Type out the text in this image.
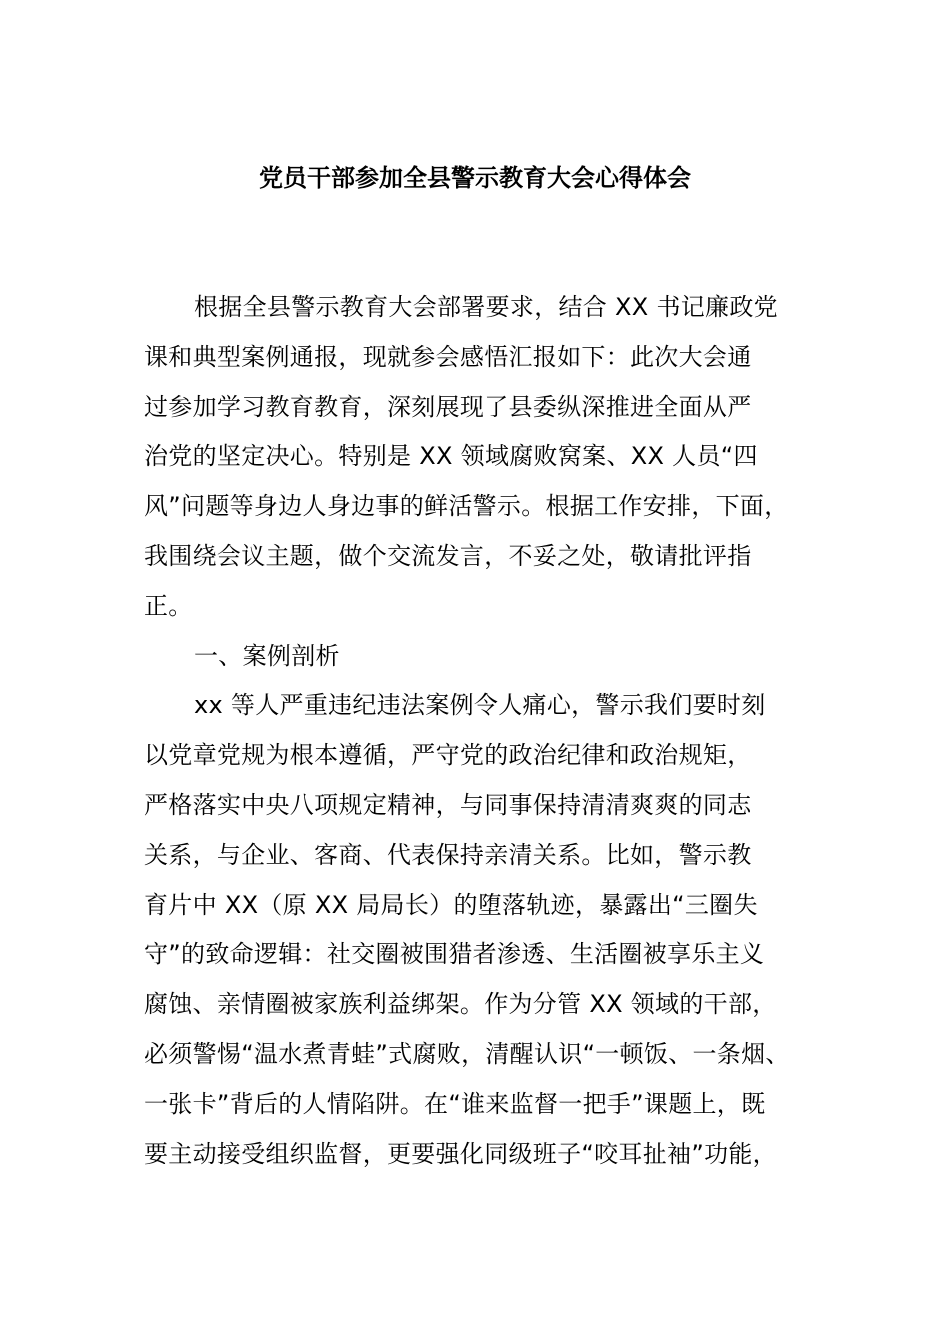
党员干部参加全县警示教育大会心得体会
根据全县警示教育大会部署要求，结合 XX 书记廉政党
课和典型案例通报，现就参会感悟汇报如下：此次大会通
过参加学习教育教育，深刻展现了县委纵深推进全面从严
治党的坚定决心。特别是 XX 领域腐败窝案、XX 人员“四
风”问题等身边人身边事的鲜活警示。根据工作安排，下面，
我围绕会议主题，做个交流发言，不妥之处，敬请批评指
正。
一、案例剖析
xx 等人严重违纪违法案例令人痛心，警示我们要时刻
以党章党规为根本遵循，严守党的政治纪律和政治规矩，
严格落实中央八项规定精神，与同事保持清清爽爽的同志
关系，与企业、客商、代表保持亲清关系。比如，警示教
育片中 XX（原 XX 局局长）的堕落轨迹，暴露出“三圈失
守”的致命逻辑：社交圈被围猎者渗透、生活圈被享乐主义
腐蚀、亲情圈被家族利益绑架。作为分管 XX 领域的干部，
必须警惕“温水煮青蛙”式腐败，清醒认识“一顿饭、一条烟、
一张卡”背后的人情陷阱。在“谁来监督一把手”课题上，既
要主动接受组织监督，更要强化同级班子“咬耳扯袖”功能，
